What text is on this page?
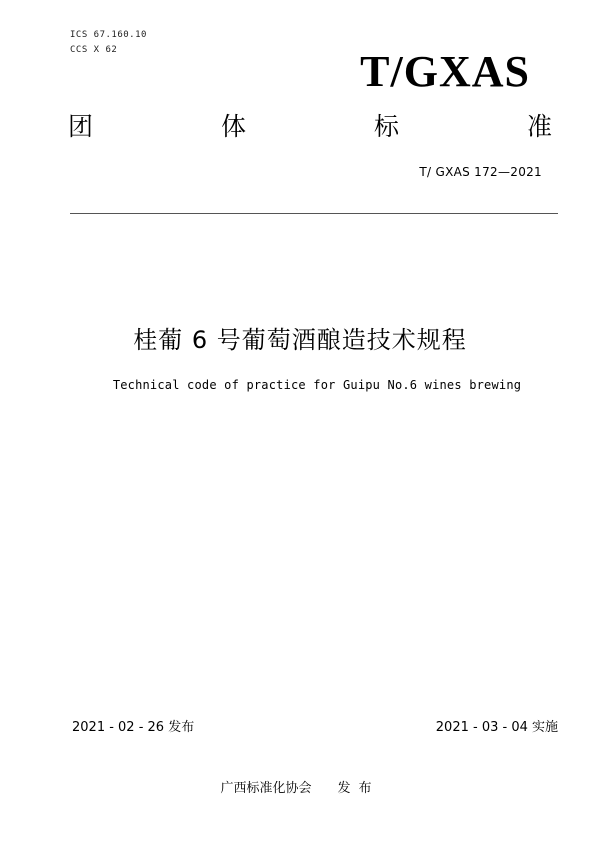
ICS 67.160.10
CCS X 62	T/GXAS
团	体	标	准
T/ GXAS 172—2021
桂葡 6 号葡萄酒酿造技术规程
Technical code of practice for Guipu No.6 wines brewing
2021 - 02 - 26 发布	2021 - 03 - 04 实施
广西标准化协会 发布
